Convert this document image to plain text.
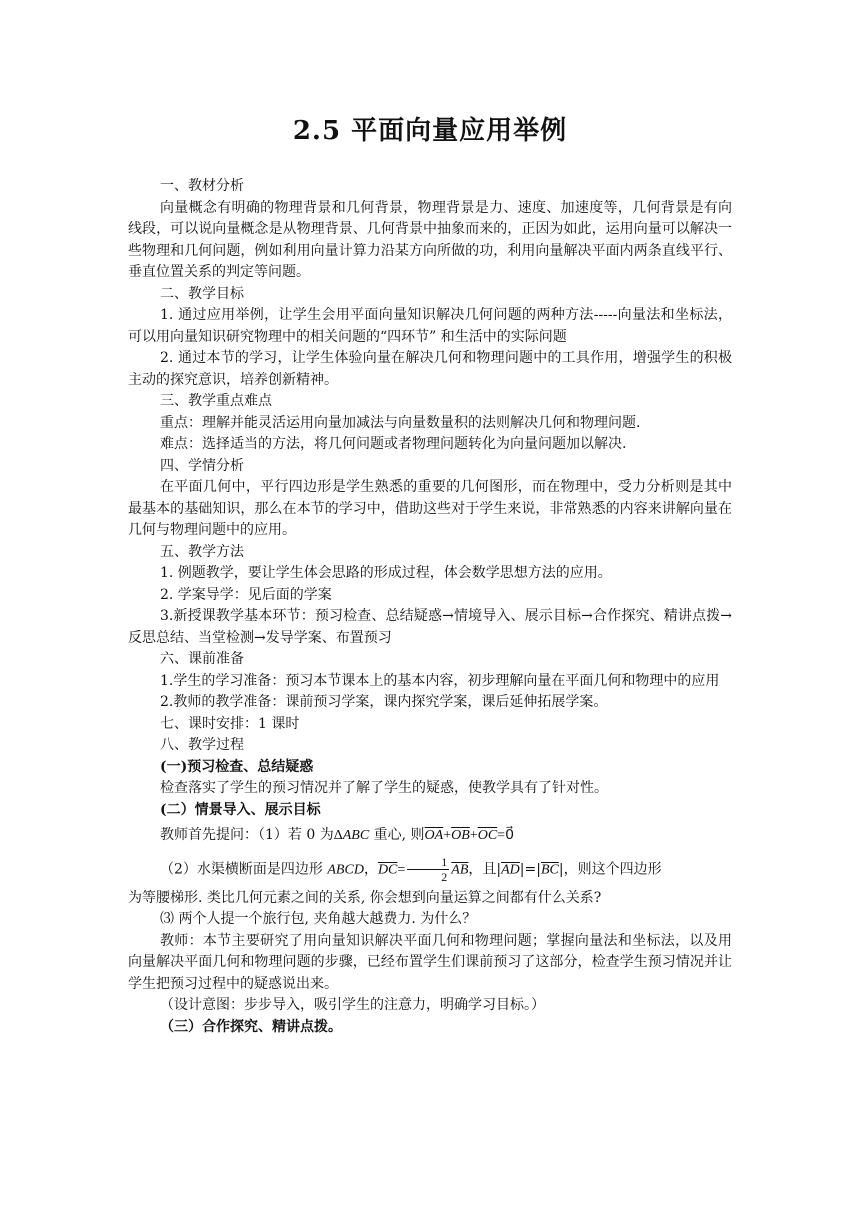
2.5 平面向量应用举例

一、教材分析

向量概念有明确的物理背景和几何背景，物理背景是力、速度、加速度等，几何背景是有向线段，可以说向量概念是从物理背景、几何背景中抽象而来的，正因为如此，运用向量可以解决一些物理和几何问题，例如利用向量计算力沿某方向所做的功，利用向量解决平面内两条直线平行、垂直位置关系的判定等问题。

二、教学目标

1. 通过应用举例，让学生会用平面向量知识解决几何问题的两种方法-----向量法和坐标法，可以用向量知识研究物理中的相关问题的“四环节” 和生活中的实际问题

2. 通过本节的学习，让学生体验向量在解决几何和物理问题中的工具作用，增强学生的积极主动的探究意识，培养创新精神。

三、教学重点难点

重点：理解并能灵活运用向量加减法与向量数量积的法则解决几何和物理问题.

难点：选择适当的方法，将几何问题或者物理问题转化为向量问题加以解决.

四、学情分析

在平面几何中，平行四边形是学生熟悉的重要的几何图形，而在物理中，受力分析则是其中最基本的基础知识，那么在本节的学习中，借助这些对于学生来说，非常熟悉的内容来讲解向量在几何与物理问题中的应用。

五、教学方法

1. 例题教学，要让学生体会思路的形成过程，体会数学思想方法的应用。

2. 学案导学：见后面的学案

3.新授课教学基本环节：预习检查、总结疑惑→情境导入、展示目标→合作探究、精讲点拨→反思总结、当堂检测→发导学案、布置预习

六、课前准备

1.学生的学习准备：预习本节课本上的基本内容，初步理解向量在平面几何和物理中的应用

2.教师的教学准备：课前预习学案，课内探究学案，课后延伸拓展学案。

七、课时安排：1 课时

八、教学过程

(一)预习检查、总结疑惑

检查落实了学生的预习情况并了解了学生的疑惑，使教学具有了针对性。

(二）情景导入、展示目标

教师首先提问：（1）若 0 为ΔABC 重心, 则$\overline{OA}+\overline{OB}+\overline{OC}=0$

（2）水渠横断面是四边形 ABCD，$\overline{DC}= \frac{1}{2} \overline{AB}$，且$|\overline{AD}|=|\overline{BC}|$，则这个四边形

为等腰梯形. 类比几何元素之间的关系, 你会想到向量运算之间都有什么关系?

⑶ 两个人提一个旅行包, 夹角越大越费力. 为什么？

教师：本节主要研究了用向量知识解决平面几何和物理问题；掌握向量法和坐标法，以及用向量解决平面几何和物理问题的步骤，已经布置学生们课前预习了这部分，检查学生预习情况并让学生把预习过程中的疑惑说出来。

（设计意图：步步导入，吸引学生的注意力，明确学习目标。）

（三）合作探究、精讲点拨。
